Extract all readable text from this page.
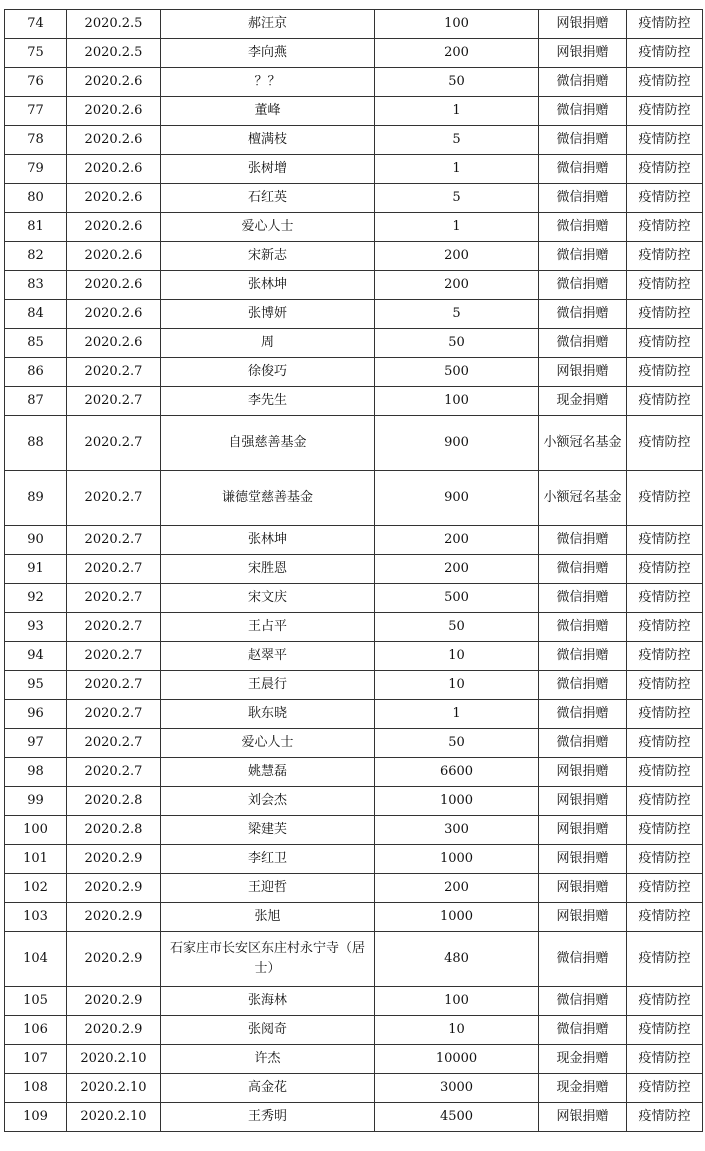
74	2020.2.5	郝汪京	100	网银捐赠	疫情防控
75	2020.2.5	李向燕	200	网银捐赠	疫情防控
76	2020.2.6	？？	50	微信捐赠	疫情防控
77	2020.2.6	董峰	1	微信捐赠	疫情防控
78	2020.2.6	檀满枝	5	微信捐赠	疫情防控
79	2020.2.6	张树增	1	微信捐赠	疫情防控
80	2020.2.6	石红英	5	微信捐赠	疫情防控
81	2020.2.6	爱心人士	1	微信捐赠	疫情防控
82	2020.2.6	宋新志	200	微信捐赠	疫情防控
83	2020.2.6	张林坤	200	微信捐赠	疫情防控
84	2020.2.6	张博妍	5	微信捐赠	疫情防控
85	2020.2.6	周	50	微信捐赠	疫情防控
86	2020.2.7	徐俊巧	500	网银捐赠	疫情防控
87	2020.2.7	李先生	100	现金捐赠	疫情防控
88	2020.2.7	自强慈善基金	900	小额冠名基金	疫情防控
89	2020.2.7	谦德堂慈善基金	900	小额冠名基金	疫情防控
90	2020.2.7	张林坤	200	微信捐赠	疫情防控
91	2020.2.7	宋胜恩	200	微信捐赠	疫情防控
92	2020.2.7	宋文庆	500	微信捐赠	疫情防控
93	2020.2.7	王占平	50	微信捐赠	疫情防控
94	2020.2.7	赵翠平	10	微信捐赠	疫情防控
95	2020.2.7	王晨行	10	微信捐赠	疫情防控
96	2020.2.7	耿东晓	1	微信捐赠	疫情防控
97	2020.2.7	爱心人士	50	微信捐赠	疫情防控
98	2020.2.7	姚慧磊	6600	网银捐赠	疫情防控
99	2020.2.8	刘会杰	1000	网银捐赠	疫情防控
100	2020.2.8	梁建芙	300	网银捐赠	疫情防控
101	2020.2.9	李红卫	1000	网银捐赠	疫情防控
102	2020.2.9	王迎哲	200	网银捐赠	疫情防控
103	2020.2.9	张旭	1000	网银捐赠	疫情防控
104	2020.2.9	石家庄市长安区东庄村永宁寺（居士）	480	微信捐赠	疫情防控
105	2020.2.9	张海林	100	微信捐赠	疫情防控
106	2020.2.9	张阅奇	10	微信捐赠	疫情防控
107	2020.2.10	许杰	10000	现金捐赠	疫情防控
108	2020.2.10	高金花	3000	现金捐赠	疫情防控
109	2020.2.10	王秀明	4500	网银捐赠	疫情防控
